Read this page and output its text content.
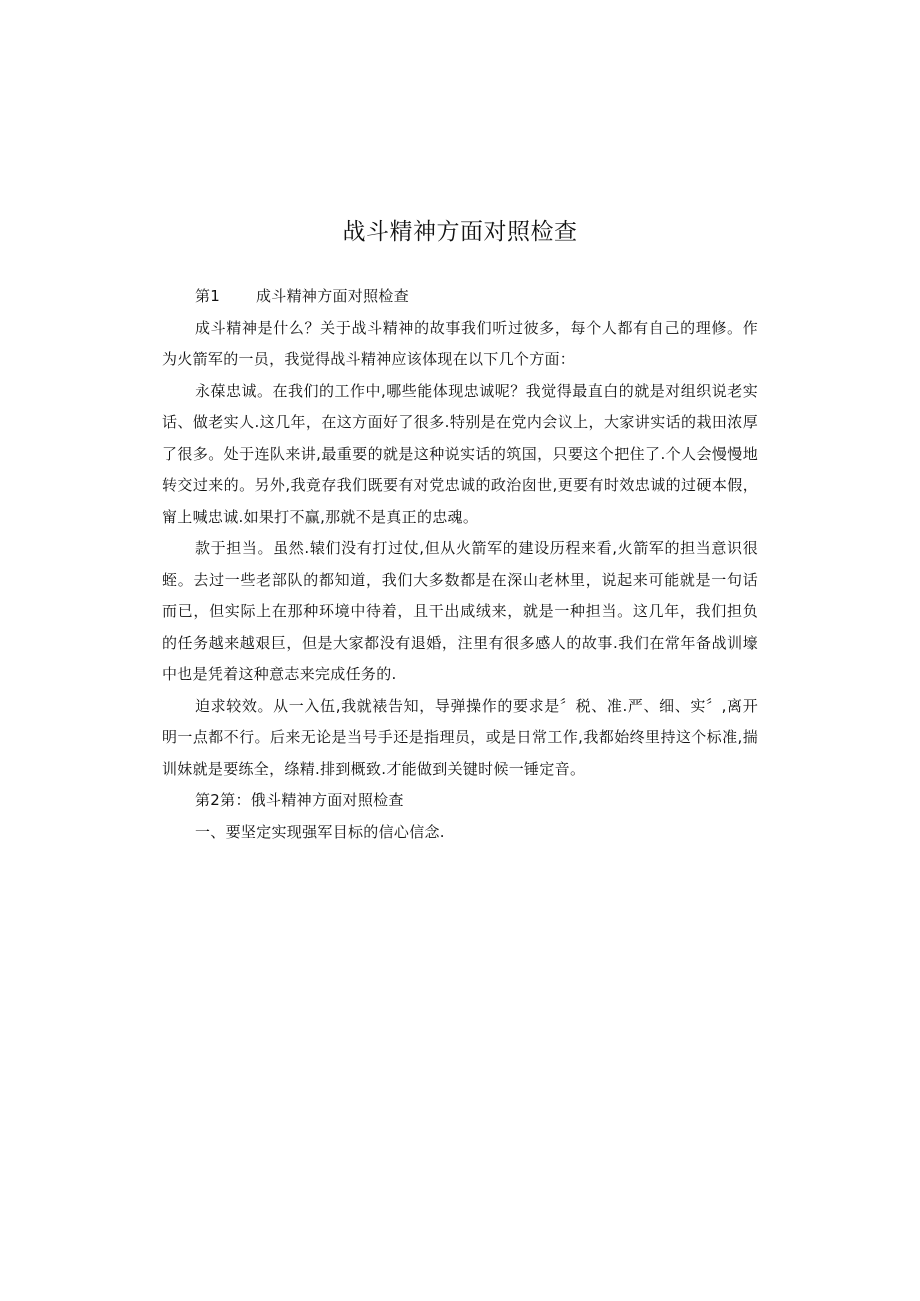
战斗精神方面对照检查

第1 成斗精神方面对照检查

成斗精神是什么？关于战斗精神的故事我们听过彼多，每个人都有自己的理修。作为火箭军的一员，我觉得战斗精神应该体现在以下几个方面：

永葆忠诚。在我们的工作中,哪些能体现忠诚呢？我觉得最直白的就是对组织说老实话、做老实人.这几年，在这方面好了很多.特别是在党内会议上，大家讲实话的栽田浓厚了很多。处于连队来讲,最重要的就是这种说实话的筑国，只要这个把住了.个人会慢慢地转交过来的。另外,我竟存我们既要有对党忠诚的政治囱世,更要有时效忠诚的过硬本假，甯上喊忠诚.如果打不赢,那就不是真正的忠魂。

款于担当。虽然.辕们没有打过仗,但从火箭军的建设历程来看,火箭军的担当意识很蛭。去过一些老部队的都知道，我们大多数都是在深山老林里，说起来可能就是一句话而已，但实际上在那种环境中待着，且干出咸绒来，就是一种担当。这几年，我们担负的任务越来越艰巨，但是大家都没有退婚，注里有很多感人的故事.我们在常年备战训壕中也是凭着这种意志来完成任务的.

迫求较效。从一入伍,我就裱告知，导弹操作的要求是〞税、准.严、细、实〞,离开明一点都不行。后来无论是当号手还是指理员，或是日常工作,我都始终里持这个标准,揣训妹就是要练全，绦精.排到概致.才能做到关键时候一锤定音。

第2第：俄斗精神方面对照检查

一、要坚定实现强军目标的信心信念.
